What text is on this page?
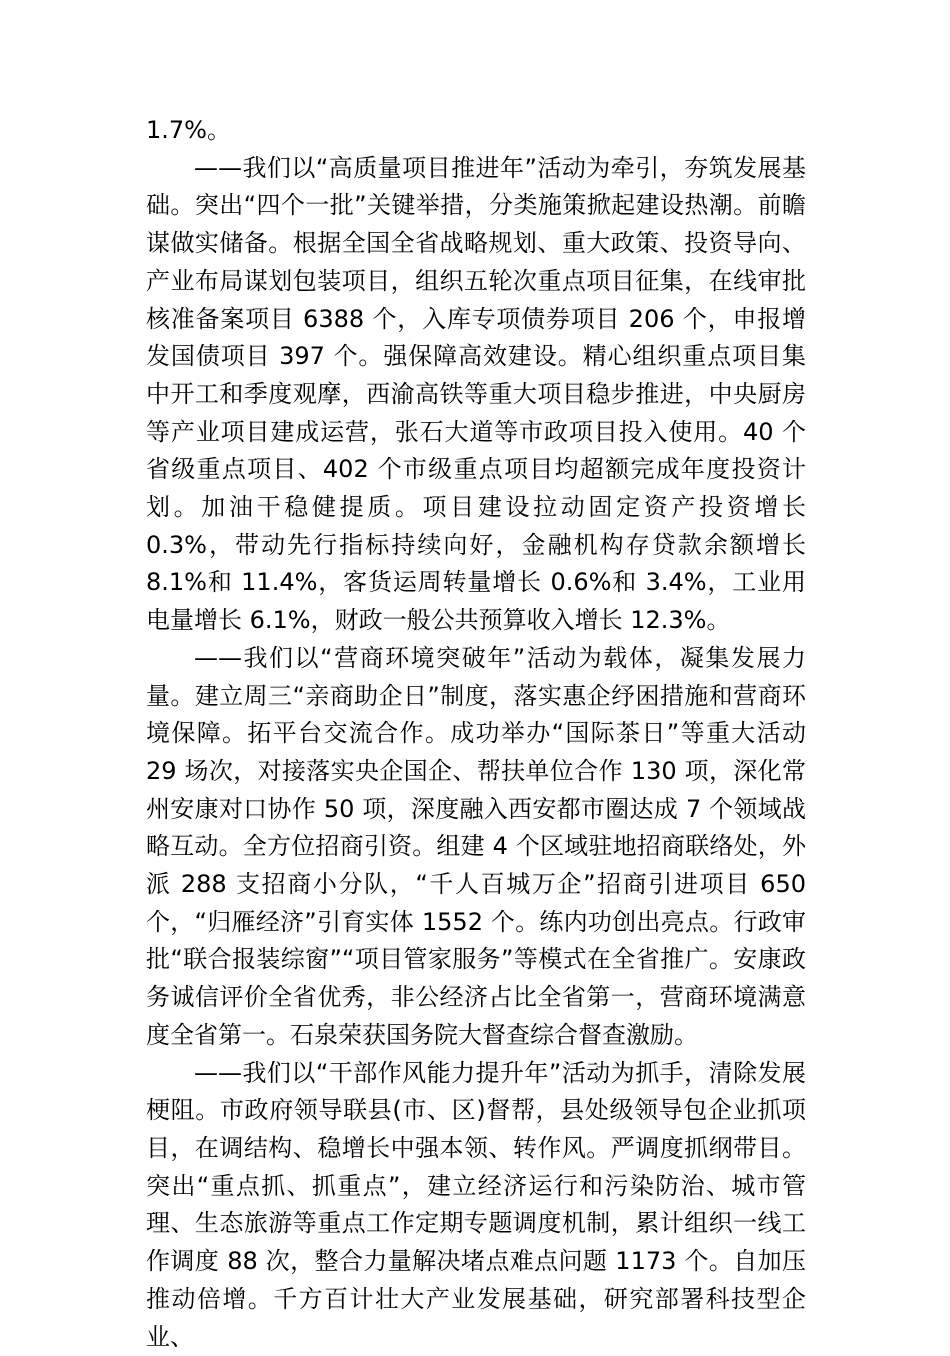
1.7%。

——我们以“高质量项目推进年”活动为牵引，夯筑发展基础。突出“四个一批”关键举措，分类施策掀起建设热潮。前瞻谋做实储备。根据全国全省战略规划、重大政策、投资导向、产业布局谋划包装项目，组织五轮次重点项目征集，在线审批核准备案项目 6388 个，入库专项债券项目 206 个，申报增发国债项目 397 个。强保障高效建设。精心组织重点项目集中开工和季度观摩，西渝高铁等重大项目稳步推进，中央厨房等产业项目建成运营，张石大道等市政项目投入使用。40 个省级重点项目、402 个市级重点项目均超额完成年度投资计划。加油干稳健提质。项目建设拉动固定资产投资增长 0.3%，带动先行指标持续向好，金融机构存贷款余额增长 8.1%和 11.4%，客货运周转量增长 0.6%和 3.4%，工业用电量增长 6.1%，财政一般公共预算收入增长 12.3%。

——我们以“营商环境突破年”活动为载体，凝集发展力量。建立周三“亲商助企日”制度，落实惠企纾困措施和营商环境保障。拓平台交流合作。成功举办“国际茶日”等重大活动 29 场次，对接落实央企国企、帮扶单位合作 130 项，深化常州安康对口协作 50 项，深度融入西安都市圈达成 7 个领域战略互动。全方位招商引资。组建 4 个区域驻地招商联络处，外派 288 支招商小分队，“千人百城万企”招商引进项目 650 个，“归雁经济”引育实体 1552 个。练内功创出亮点。行政审批“联合报装综窗”“项目管家服务”等模式在全省推广。安康政务诚信评价全省优秀，非公经济占比全省第一，营商环境满意度全省第一。石泉荣获国务院大督查综合督查激励。

——我们以“干部作风能力提升年”活动为抓手，清除发展梗阻。市政府领导联县(市、区)督帮，县处级领导包企业抓项目，在调结构、稳增长中强本领、转作风。严调度抓纲带目。突出“重点抓、抓重点”，建立经济运行和污染防治、城市管理、生态旅游等重点工作定期专题调度机制，累计组织一线工作调度 88 次，整合力量解决堵点难点问题 1173 个。自加压推动倍增。千方百计壮大产业发展基础，研究部署科技型企业、
